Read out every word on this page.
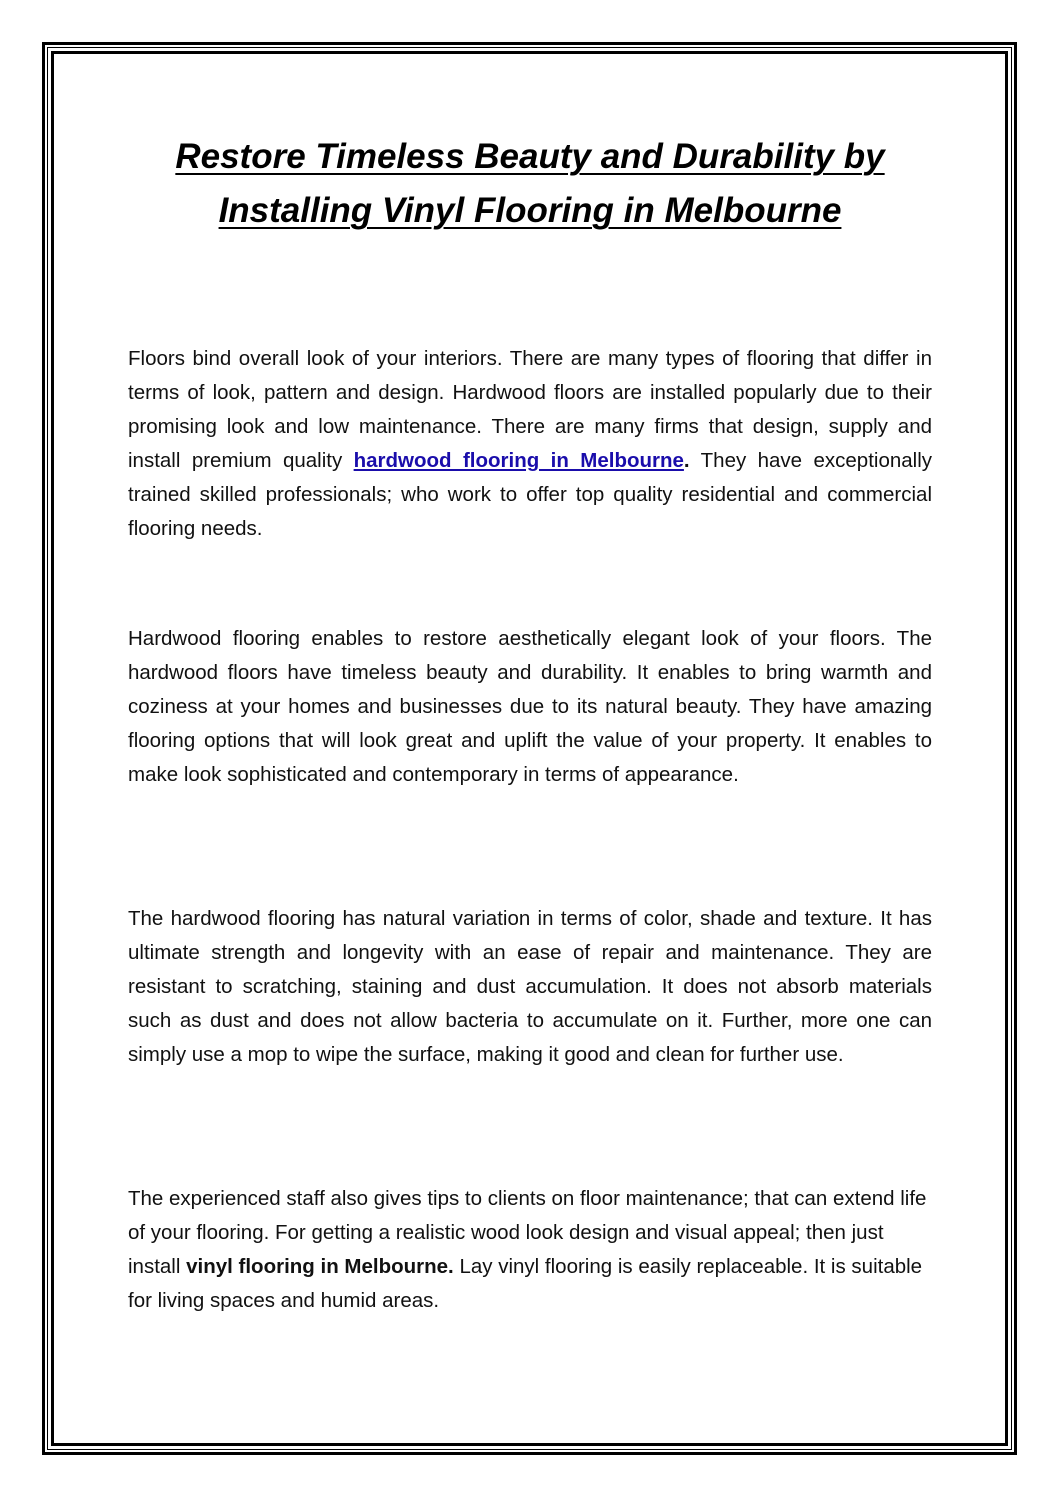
Restore Timeless Beauty and Durability by Installing Vinyl Flooring in Melbourne

Floors bind overall look of your interiors. There are many types of flooring that differ in terms of look, pattern and design. Hardwood floors are installed popularly due to their promising look and low maintenance. There are many firms that design, supply and install premium quality hardwood flooring in Melbourne. They have exceptionally trained skilled professionals; who work to offer top quality residential and commercial flooring needs.

Hardwood flooring enables to restore aesthetically elegant look of your floors. The hardwood floors have timeless beauty and durability. It enables to bring warmth and coziness at your homes and businesses due to its natural beauty. They have amazing flooring options that will look great and uplift the value of your property. It enables to make look sophisticated and contemporary in terms of appearance.

The hardwood flooring has natural variation in terms of color, shade and texture. It has ultimate strength and longevity with an ease of repair and maintenance. They are resistant to scratching, staining and dust accumulation. It does not absorb materials such as dust and does not allow bacteria to accumulate on it. Further, more one can simply use a mop to wipe the surface, making it good and clean for further use.

The experienced staff also gives tips to clients on floor maintenance; that can extend life of your flooring. For getting a realistic wood look design and visual appeal; then just install vinyl flooring in Melbourne. Lay vinyl flooring is easily replaceable. It is suitable for living spaces and humid areas.
